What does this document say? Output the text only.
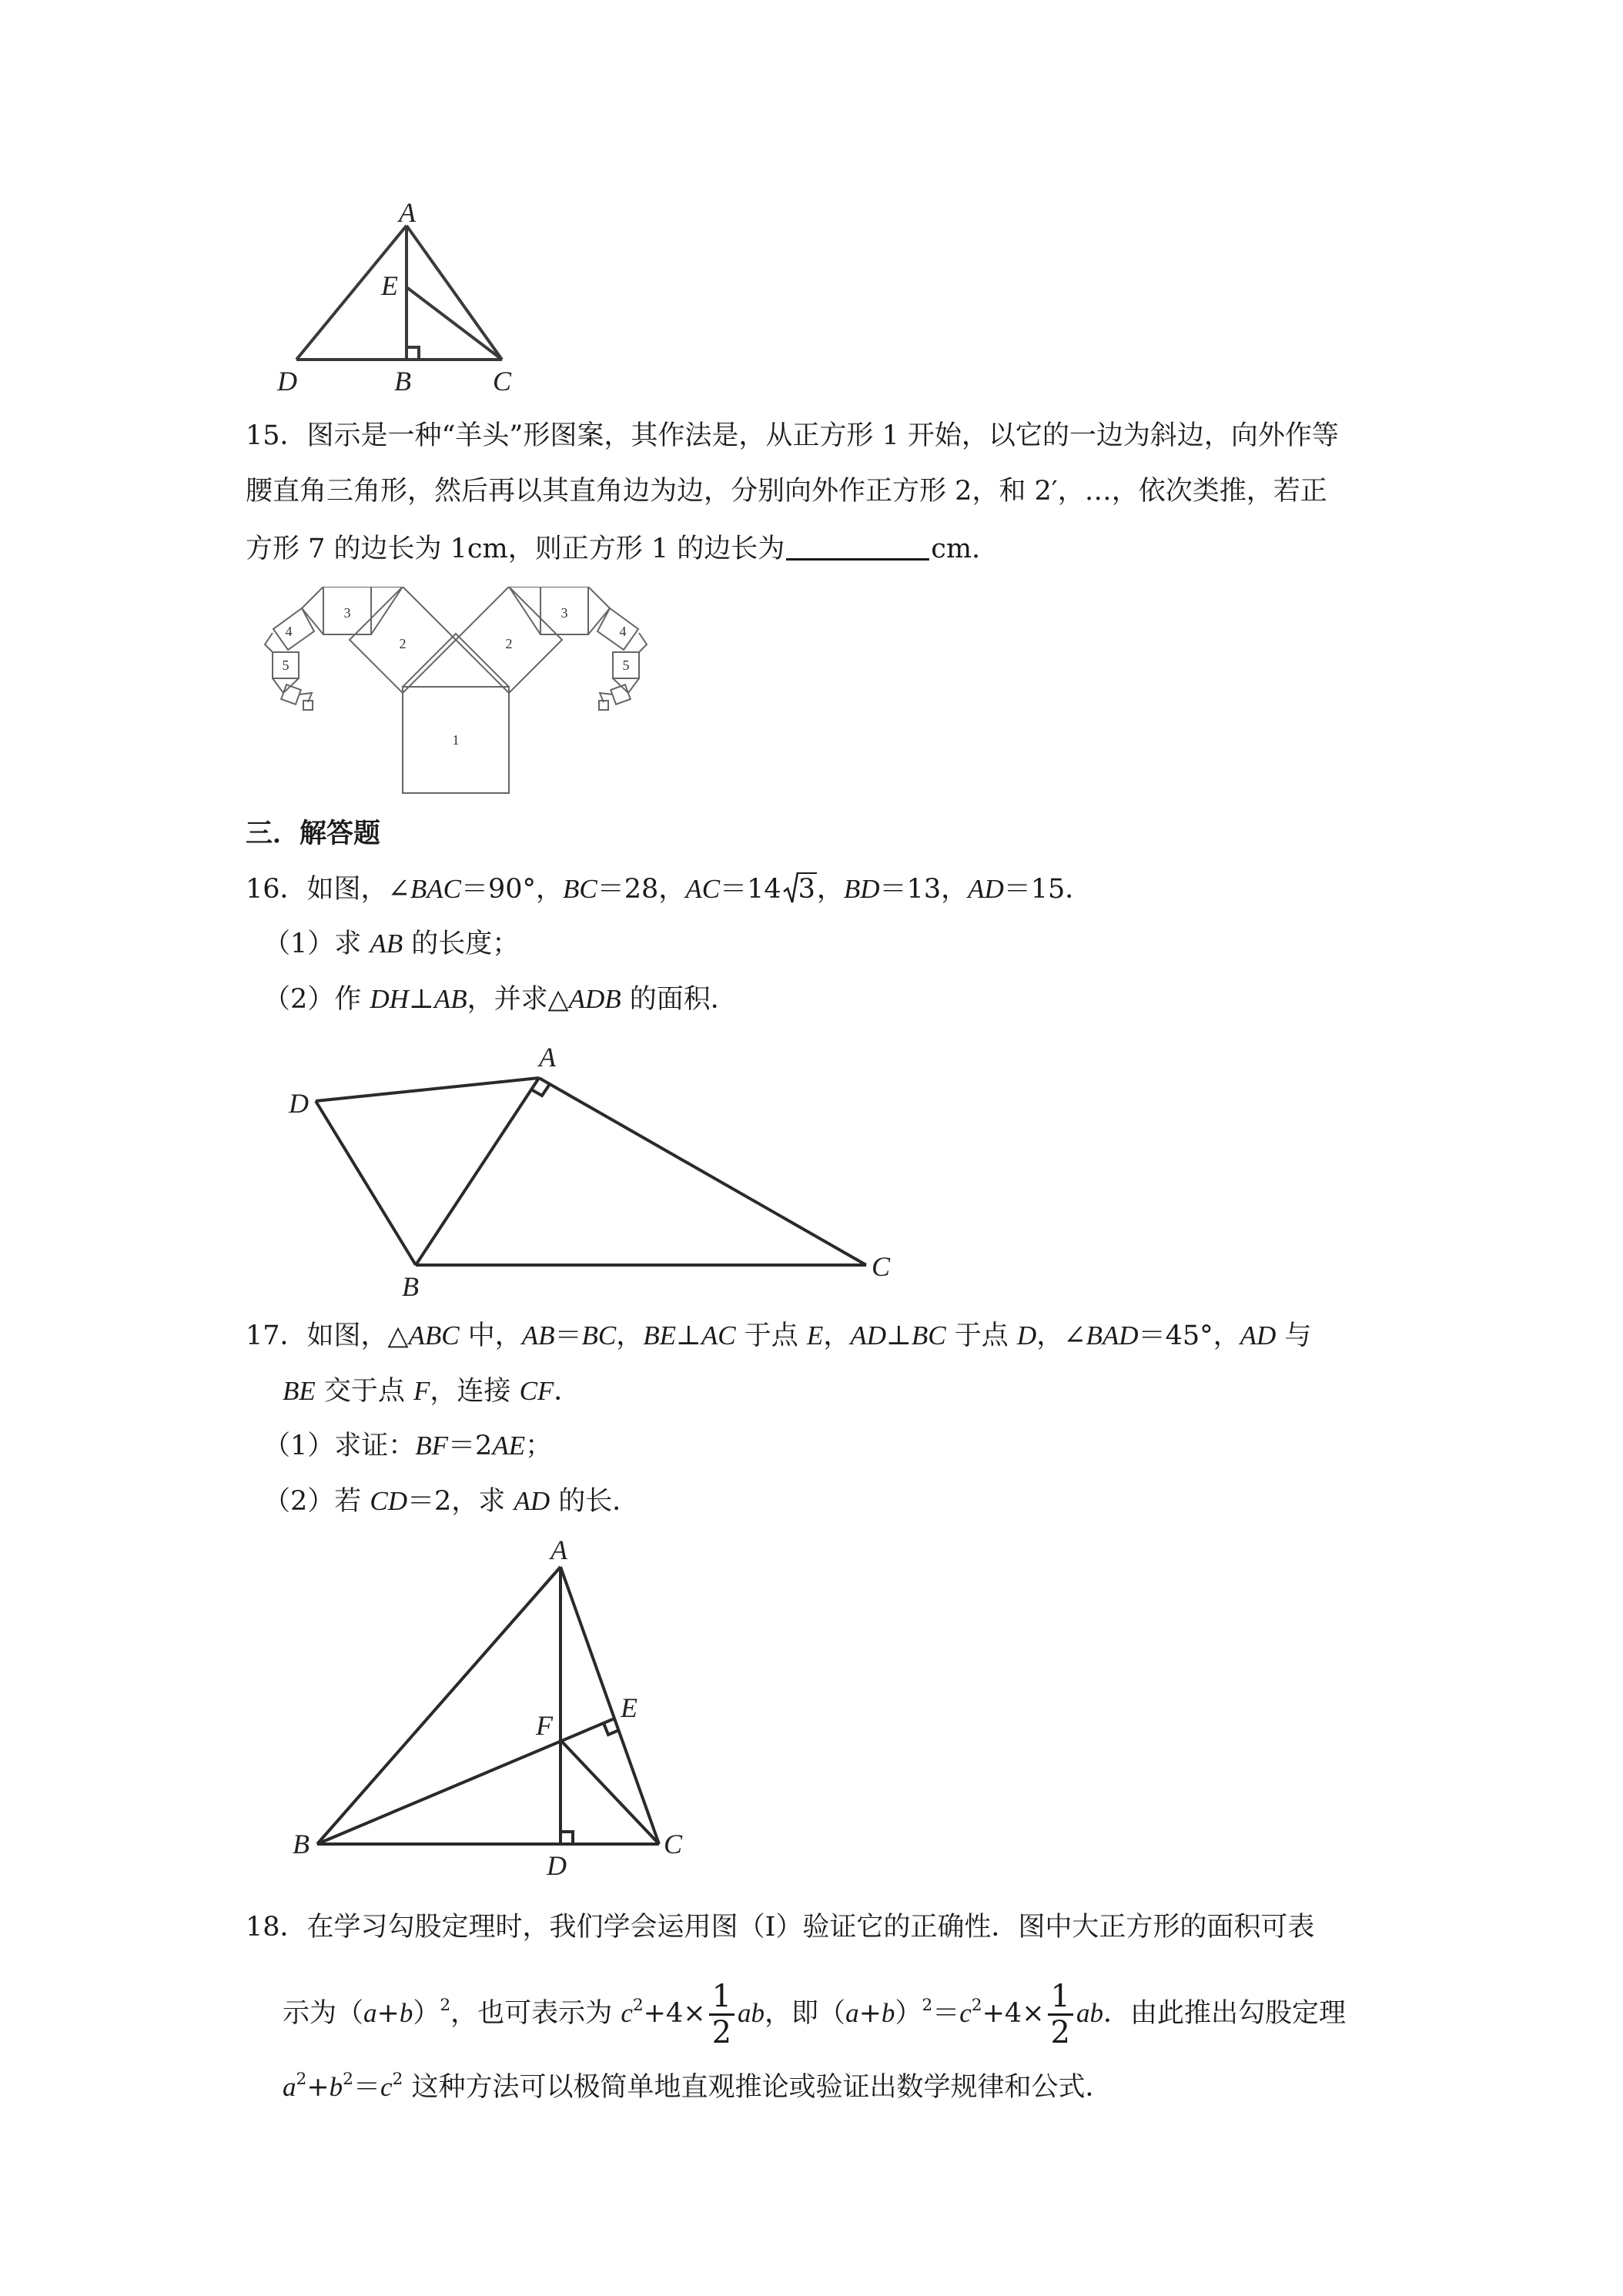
A
E
D	B	C
15．图示是一种“羊头”形图案，其作法是，从正方形 1 开始，以它的一边为斜边，向外作等
腰直角三角形，然后再以其直角边为边，分别向外作正方形 2，和 2′，…，依次类推，若正
方形 7 的边长为 1cm，则正方形 1 的边长为	cm.
1
2	2
3	3
4	4
5	5
三．解答题
16．如图，∠BAC＝90°，BC＝28，AC＝14 3，BD＝13，AD＝15．
（1）求 AB 的长度；
（2）作 DH⊥AB，并求△ADB 的面积．
A
D
B
C
17．如图，△ABC 中，AB＝BC，BE⊥AC 于点 E，AD⊥BC 于点 D，∠BAD＝45°，AD 与
BE 交于点 F，连接 CF．
（1）求证：BF＝2AE；
（2）若 CD＝2，求 AD 的长．
A
E
F
B
D
C
18．在学习勾股定理时，我们学会运用图（Ⅰ）验证它的正确性．图中大正方形的面积可表
示为$(a+b)^2$，也可表示为 $c^2+4\times \frac{1}{2}$ ab，即$(a+b)^2=c^2+4\times \frac{1}{2}$ ab．由此推出勾股定理
$a^2+b^2=c^2$ 这种方法可以极简单地直观推论或验证出数学规律和公式．
